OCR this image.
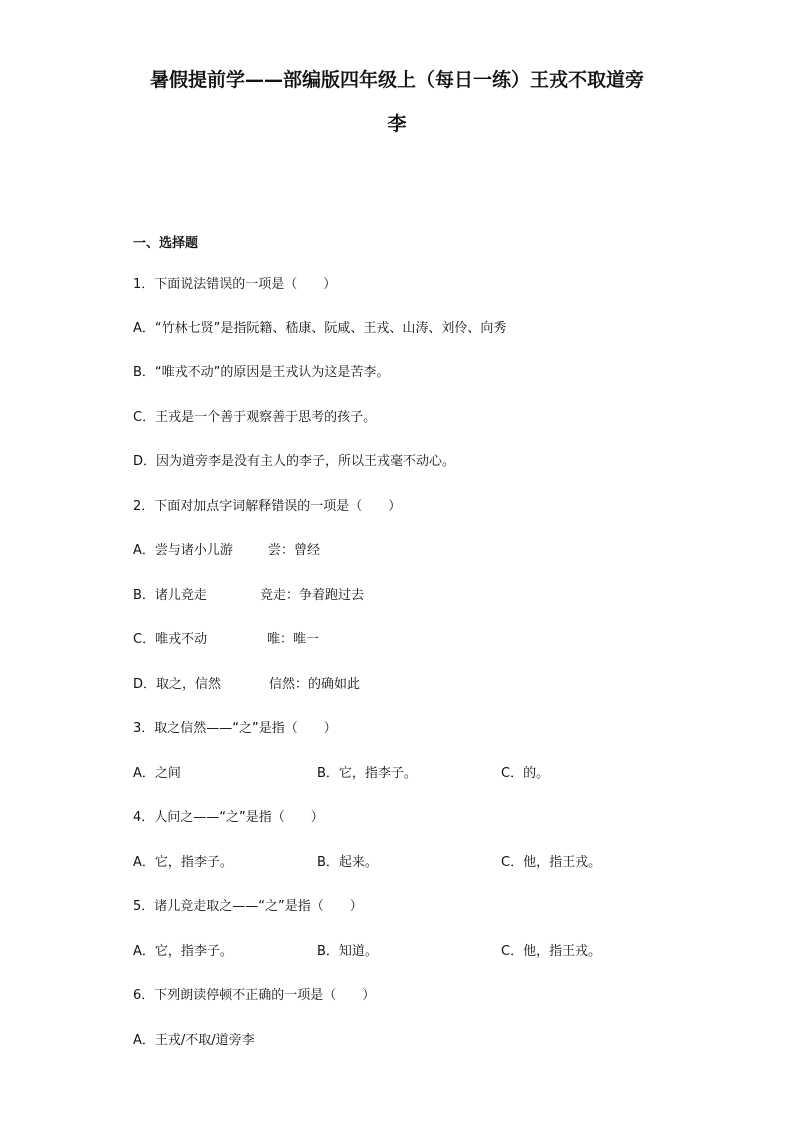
暑假提前学——部编版四年级上（每日一练）王戎不取道旁
李
一、选择题
1．下面说法错误的一项是（　　）
A．“竹林七贤”是指阮籍、嵇康、阮咸、王戎、山涛、刘伶、向秀
B．“唯戎不动”的原因是王戎认为这是苦李。
C．王戎是一个善于观察善于思考的孩子。
D．因为道旁李是没有主人的李子，所以王戎毫不动心。
2．下面对加点字词解释错误的一项是（　　）
A．尝与诸小儿游	尝：曾经
B．诸儿竞走	竞走：争着跑过去
C．唯戎不动	唯：唯一
D．取之，信然	信然：的确如此
3．取之信然——“之”是指（　　）
A．之间	B．它，指李子。	C．的。
4．人问之——“之”是指（　　）
A．它，指李子。	B．起来。	C．他，指王戎。
5．诸儿竞走取之——“之”是指（　　）
A．它，指李子。	B．知道。	C．他，指王戎。
6．下列朗读停顿不正确的一项是（　　）
A．王戎/不取/道旁李
